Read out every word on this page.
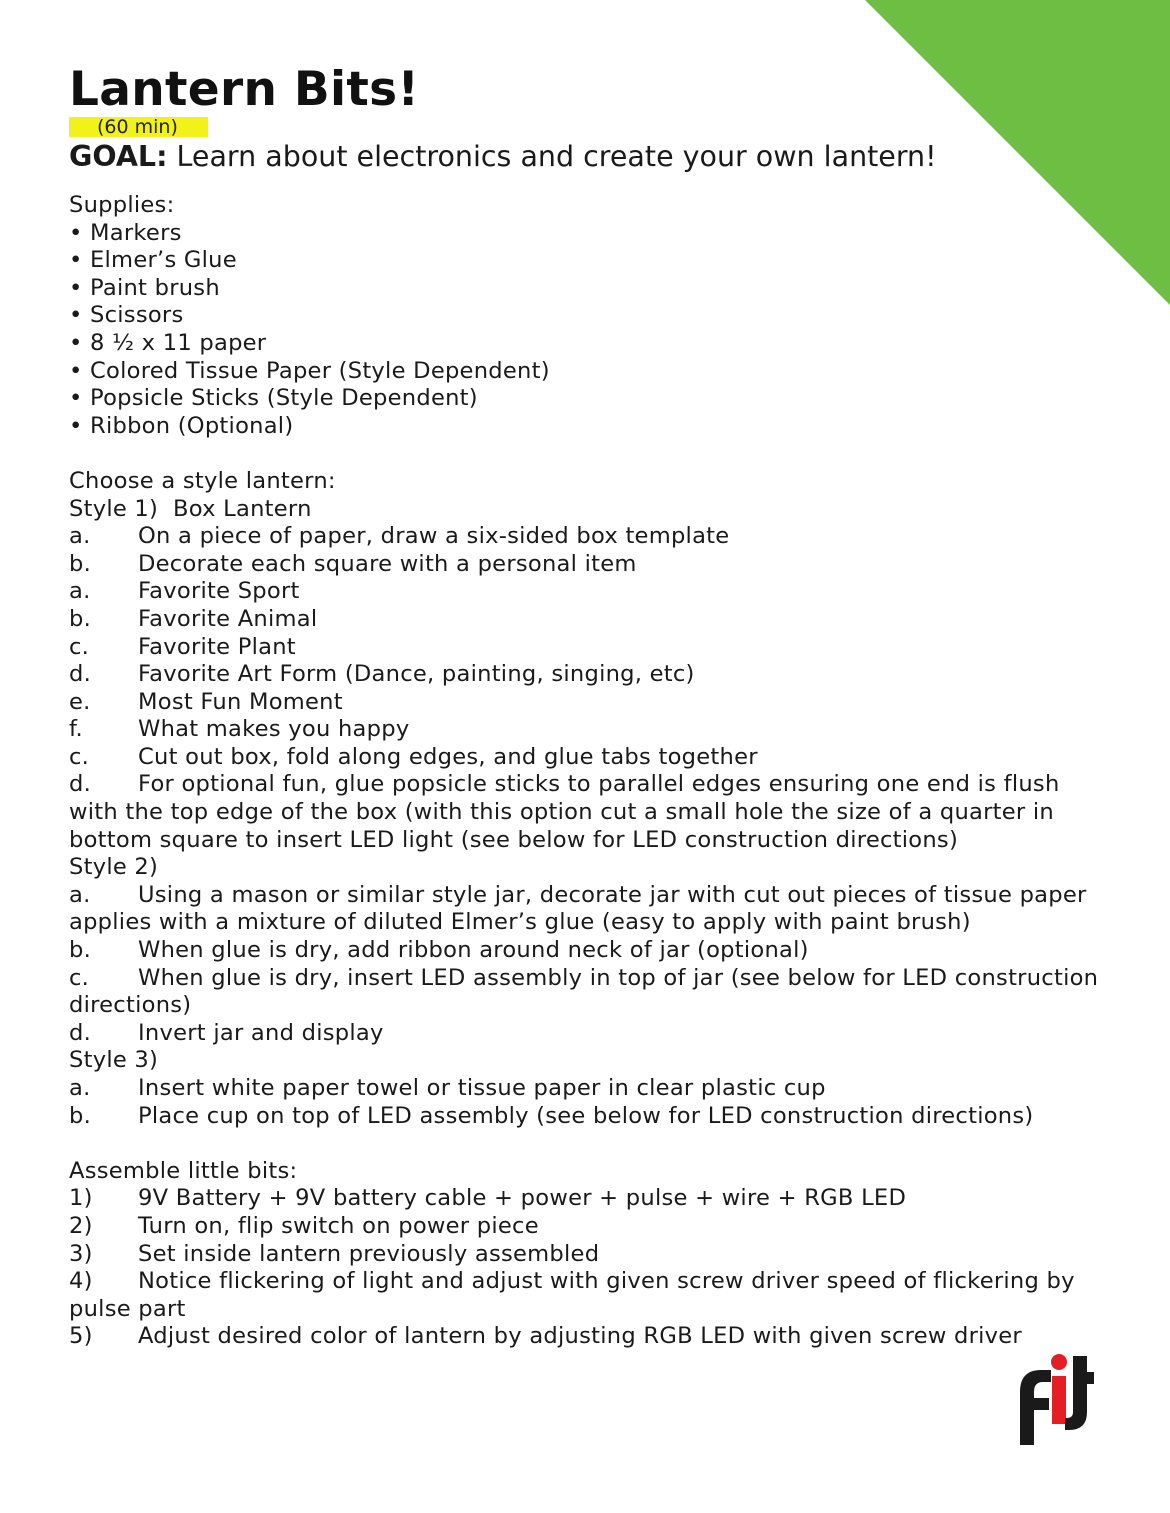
Lantern Bits!
(60 min)

GOAL: Learn about electronics and create your own lantern!

Supplies:
• Markers
• Elmer’s Glue
• Paint brush
• Scissors
• 8 ½ x 11 paper
• Colored Tissue Paper (Style Dependent)
• Popsicle Sticks (Style Dependent)
• Ribbon (Optional)
Choose a style lantern:
Style 1)  Box Lantern
a. On a piece of paper, draw a six-sided box template
b. Decorate each square with a personal item
a. Favorite Sport
b. Favorite Animal
c. Favorite Plant
d. Favorite Art Form (Dance, painting, singing, etc)
e. Most Fun Moment
f. What makes you happy
c. Cut out box, fold along edges, and glue tabs together
d. For optional fun, glue popsicle sticks to parallel edges ensuring one end is flush
with the top edge of the box (with this option cut a small hole the size of a quarter in
bottom square to insert LED light (see below for LED construction directions)
Style 2)
a. Using a mason or similar style jar, decorate jar with cut out pieces of tissue paper
applies with a mixture of diluted Elmer’s glue (easy to apply with paint brush)
b. When glue is dry, add ribbon around neck of jar (optional)
c. When glue is dry, insert LED assembly in top of jar (see below for LED construction
directions)
d. Invert jar and display
Style 3)
a. Insert white paper towel or tissue paper in clear plastic cup
b. Place cup on top of LED assembly (see below for LED construction directions)
Assemble little bits:
1) 9V Battery + 9V battery cable + power + pulse + wire + RGB LED
2) Turn on, flip switch on power piece
3) Set inside lantern previously assembled
4) Notice flickering of light and adjust with given screw driver speed of flickering by
pulse part
5) Adjust desired color of lantern by adjusting RGB LED with given screw driver
